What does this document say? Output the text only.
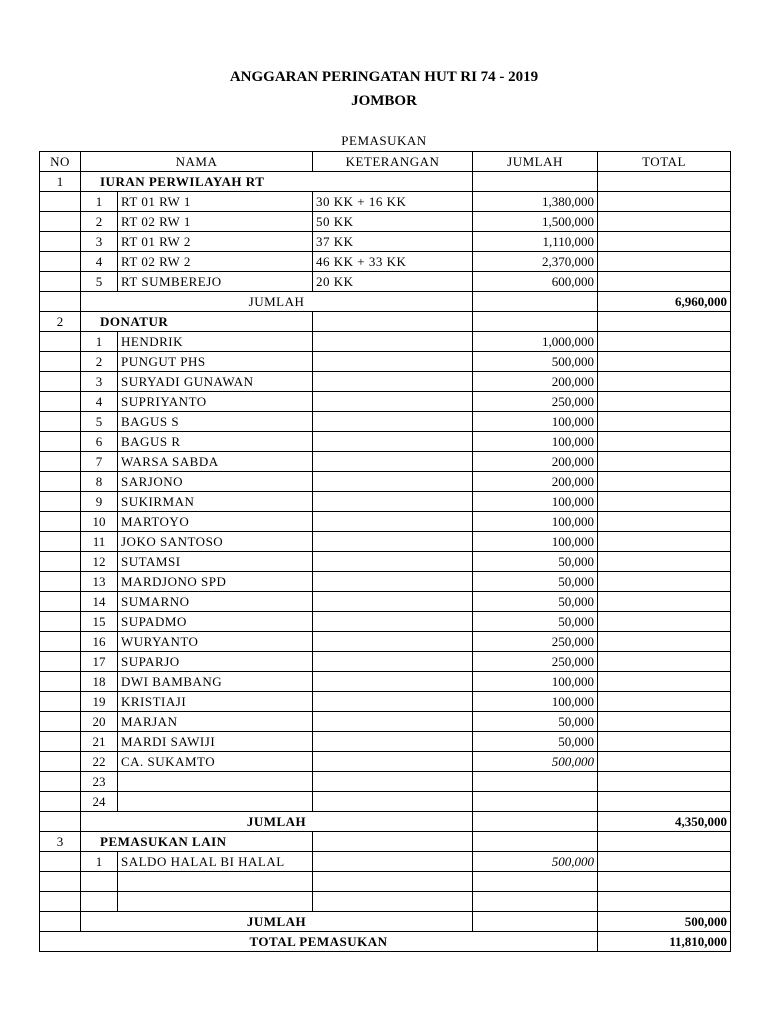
ANGGARAN PERINGATAN HUT RI 74 - 2019
JOMBOR
PEMASUKAN
NO	NAMA		KETERANGAN	JUMLAH	TOTAL
1	IURAN PERWILAYAH RT				
	1	RT 01 RW 1	30 KK + 16 KK	1,380,000	
	2	RT 02 RW 1	50 KK	1,500,000	
	3	RT 01 RW 2	37 KK	1,110,000	
	4	RT 02 RW 2	46 KK + 33 KK	2,370,000	
	5	RT SUMBEREJO	20 KK	600,000	
	JUMLAH				6,960,000
2	DONATUR				
	1	HENDRIK		1,000,000	
	2	PUNGUT PHS		500,000	
	3	SURYADI GUNAWAN		200,000	
	4	SUPRIYANTO		250,000	
	5	BAGUS S		100,000	
	6	BAGUS R		100,000	
	7	WARSA SABDA		200,000	
	8	SARJONO		200,000	
	9	SUKIRMAN		100,000	
	10	MARTOYO		100,000	
	11	JOKO SANTOSO		100,000	
	12	SUTAMSI		50,000	
	13	MARDJONO SPD		50,000	
	14	SUMARNO		50,000	
	15	SUPADMO		50,000	
	16	WURYANTO		250,000	
	17	SUPARJO		250,000	
	18	DWI BAMBANG		100,000	
	19	KRISTIAJI		100,000	
	20	MARJAN		50,000	
	21	MARDI SAWIJI		50,000	
	22	CA. SUKAMTO		500,000	
	23				
	24				
	JUMLAH				4,350,000
3	PEMASUKAN LAIN				
	1	SALDO HALAL BI HALAL		500,000	

	JUMLAH				500,000
TOTAL PEMASUKAN					11,810,000
